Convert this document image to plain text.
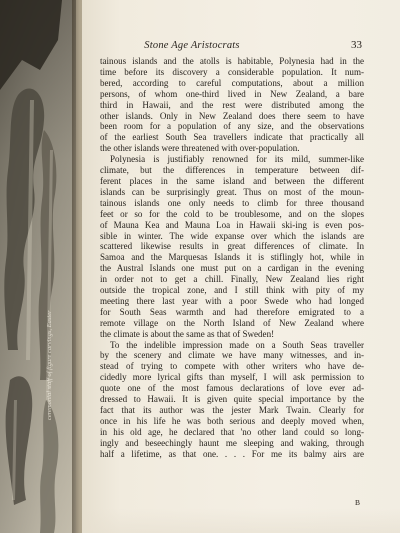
ceremonial staff of figure carvings, Easter
Stone Age Aristocrats	33
tainous islands and the atolls is habitable, Polynesia had in the
time before its discovery a considerable population. It num-
bered, according to careful computations, about a million
persons, of whom one-third lived in New Zealand, a bare
third in Hawaii, and the rest were distributed among the
other islands. Only in New Zealand does there seem to have
been room for a population of any size, and the observations
of the earliest South Sea travellers indicate that practically all
the other islands were threatened with over-population.
Polynesia is justifiably renowned for its mild, summer-like
climate, but the differences in temperature between dif-
ferent places in the same island and between the different
islands can be surprisingly great. Thus on most of the moun-
tainous islands one only needs to climb for three thousand
feet or so for the cold to be troublesome, and on the slopes
of Mauna Kea and Mauna Loa in Hawaii ski-ing is even pos-
sible in winter. The wide expanse over which the islands are
scattered likewise results in great differences of climate. In
Samoa and the Marquesas Islands it is stiflingly hot, while in
the Austral Islands one must put on a cardigan in the evening
in order not to get a chill. Finally, New Zealand lies right
outside the tropical zone, and I still think with pity of my
meeting there last year with a poor Swede who had longed
for South Seas warmth and had therefore emigrated to a
remote village on the North Island of New Zealand where
the climate is about the same as that of Sweden!
To the indelible impression made on a South Seas traveller
by the scenery and climate we have many witnesses, and in-
stead of trying to compete with other writers who have de-
cidedly more lyrical gifts than myself, I will ask permission to
quote one of the most famous declarations of love ever ad-
dressed to Hawaii. It is given quite special importance by the
fact that its author was the jester Mark Twain. Clearly for
once in his life he was both serious and deeply moved when,
in his old age, he declared that 'no other land could so long-
ingly and beseechingly haunt me sleeping and waking, through
half a lifetime, as that one. . . . For me its balmy airs are
B
